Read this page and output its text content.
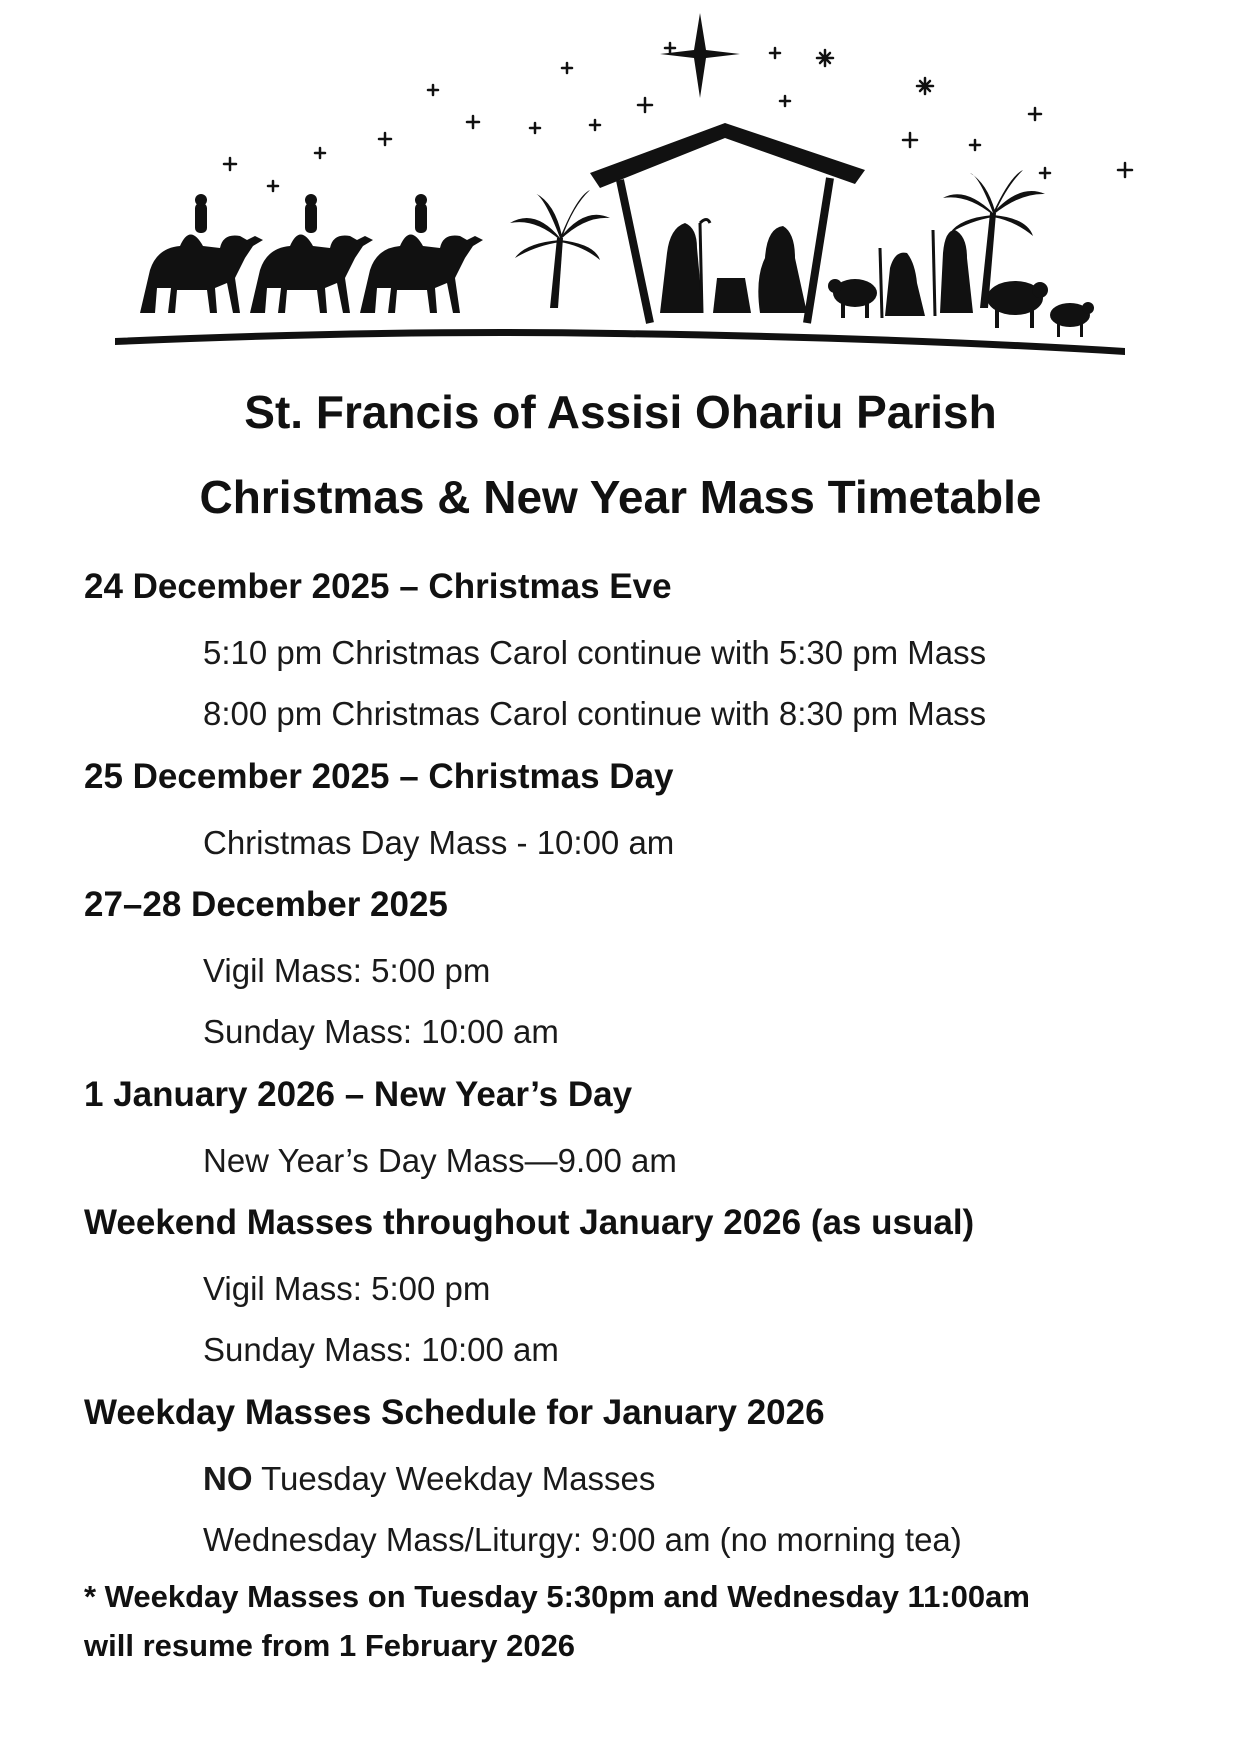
St. Francis of Assisi Ohariu Parish
Christmas & New Year Mass Timetable

24 December 2025 – Christmas Eve

5:10 pm Christmas Carol continue with 5:30 pm Mass

8:00 pm Christmas Carol continue with 8:30 pm Mass

25 December 2025 – Christmas Day

Christmas Day Mass - 10:00 am

27–28 December 2025

Vigil Mass: 5:00 pm

Sunday Mass: 10:00 am

1 January 2026 – New Year’s Day

New Year’s Day Mass—9.00 am

Weekend Masses throughout January 2026 (as usual)

Vigil Mass: 5:00 pm

Sunday Mass: 10:00 am

Weekday Masses Schedule for January 2026

NO Tuesday Weekday Masses

Wednesday Mass/Liturgy: 9:00 am (no morning tea)

* Weekday Masses on Tuesday 5:30pm and Wednesday 11:00am

will resume from 1 February 2026
